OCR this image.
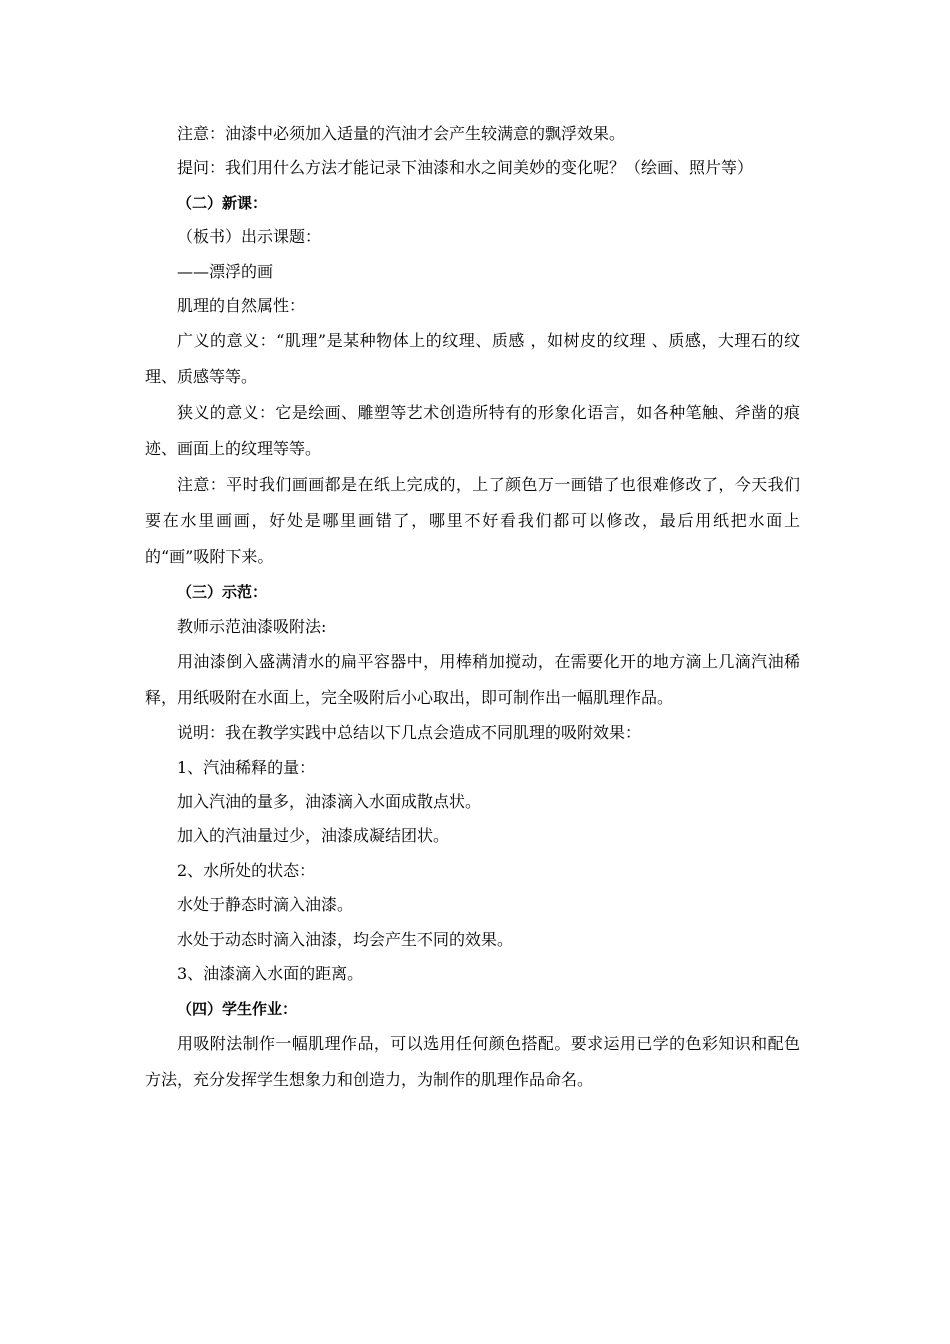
注意：油漆中必须加入适量的汽油才会产生较满意的飘浮效果。

提问：我们用什么方法才能记录下油漆和水之间美妙的变化呢？（绘画、照片等）

（二）新课：

（板书）出示课题：

——漂浮的画

肌理的自然属性：

广义的意义：“肌理”是某种物体上的纹理、质感 ，如树皮的纹理 、质感，大理石的纹理、质感等等。

狭义的意义：它是绘画、雕塑等艺术创造所特有的形象化语言，如各种笔触、斧凿的痕迹、画面上的纹理等等。

注意：平时我们画画都是在纸上完成的，上了颜色万一画错了也很难修改了，今天我们要在水里画画，好处是哪里画错了，哪里不好看我们都可以修改，最后用纸把水面上的“画”吸附下来。

（三）示范：

教师示范油漆吸附法:

用油漆倒入盛满清水的扁平容器中，用棒稍加搅动，在需要化开的地方滴上几滴汽油稀释，用纸吸附在水面上，完全吸附后小心取出，即可制作出一幅肌理作品。

说明：我在教学实践中总结以下几点会造成不同肌理的吸附效果：

1、汽油稀释的量：

加入汽油的量多，油漆滴入水面成散点状。

加入的汽油量过少，油漆成凝结团状。

2、水所处的状态：

水处于静态时滴入油漆。

水处于动态时滴入油漆，均会产生不同的效果。

3、油漆滴入水面的距离。

（四）学生作业：

用吸附法制作一幅肌理作品，可以选用任何颜色搭配。要求运用已学的色彩知识和配色方法，充分发挥学生想象力和创造力，为制作的肌理作品命名。
